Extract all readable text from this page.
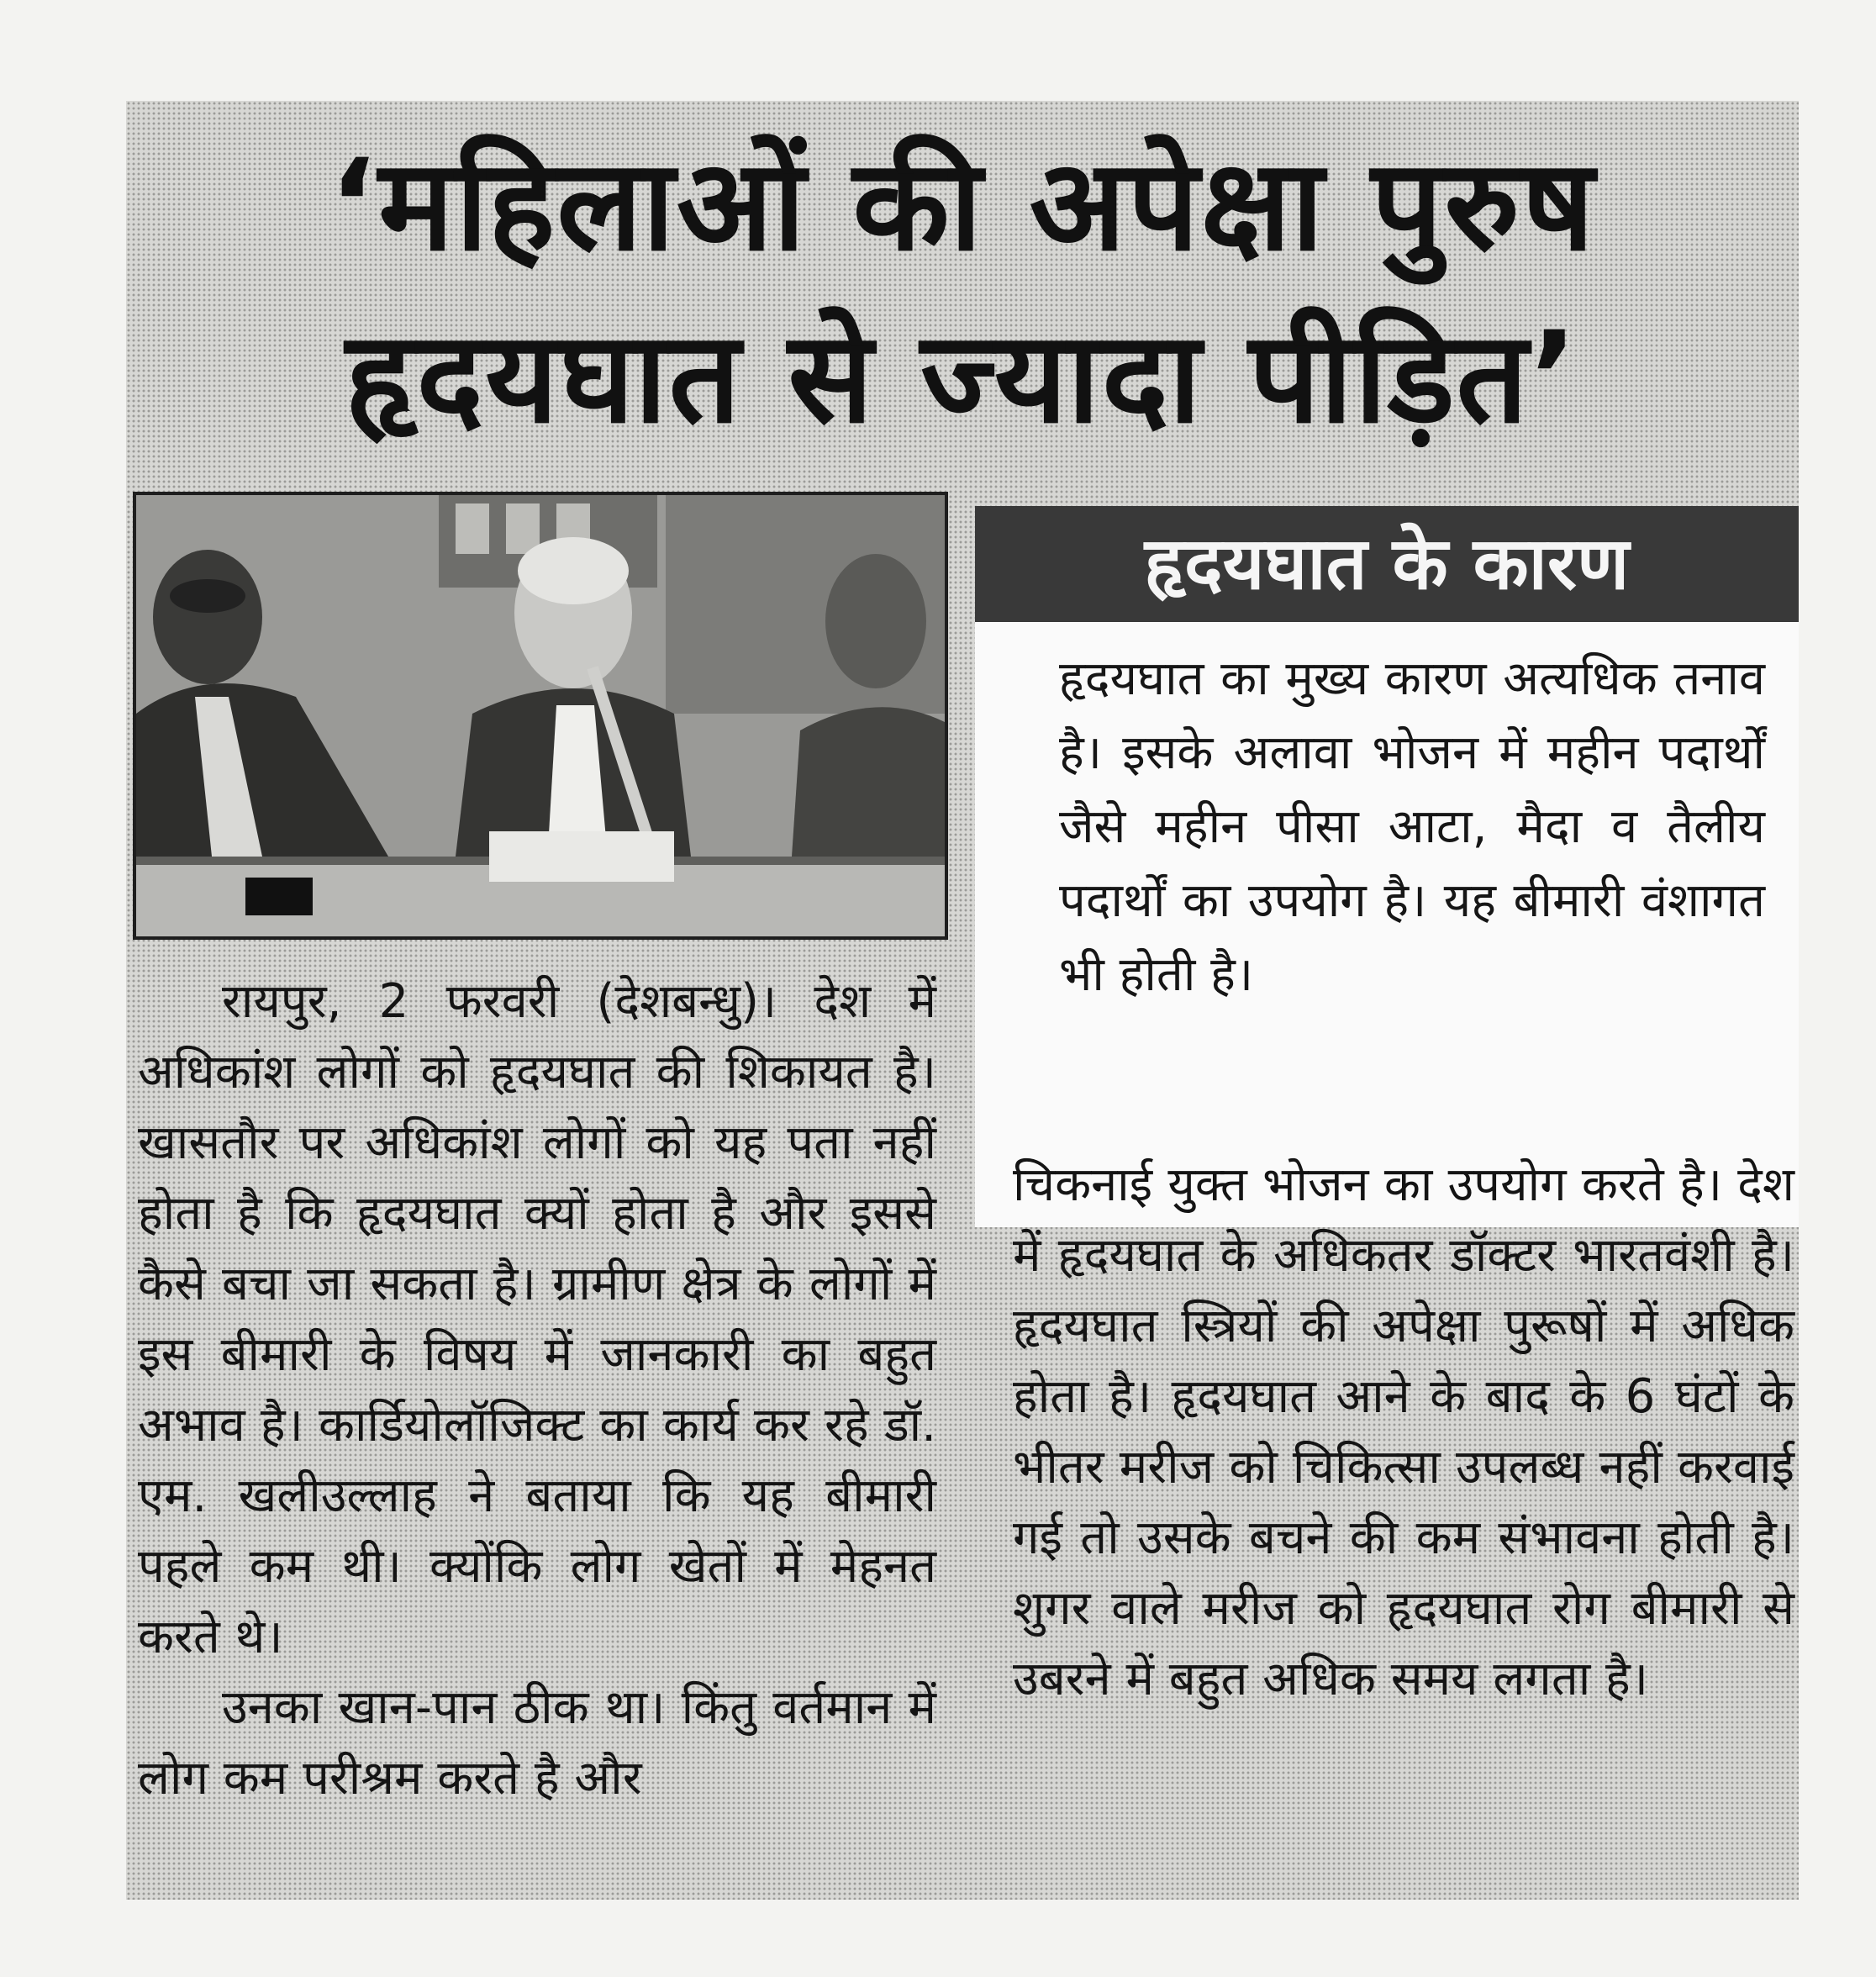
‘महिलाओं की अपेक्षा पुरुष
हृदयघात से ज्यादा पीड़ित’
हृदयघात के कारण
हृदयघात का मुख्य कारण अत्यधिक तनाव है। इसके अलावा भोजन में महीन पदार्थों जैसे महीन पीसा आटा, मैदा व तैलीय पदार्थों का उपयोग है। यह बीमारी वंशागत भी होती है।

रायपुर, 2 फरवरी (देशबन्धु)। देश में अधिकांश लोगों को हृदयघात की शिकायत है। खासतौर पर अधिकांश लोगों को यह पता नहीं होता है कि हृदयघात क्यों होता है और इससे कैसे बचा जा सकता है। ग्रामीण क्षेत्र के लोगों में इस बीमारी के विषय में जानकारी का बहुत अभाव है। कार्डियोलॉजिक्ट का कार्य कर रहे डॉ. एम. खलीउल्लाह ने बताया कि यह बीमारी पहले कम थी। क्योंकि लोग खेतों में मेहनत करते थे।

उनका खान-पान ठीक था। किंतु वर्तमान में लोग कम परीश्रम करते है और

चिकनाई युक्त भोजन का उपयोग करते है। देश में हृदयघात के अधिकतर डॉक्टर भारतवंशी है। हृदयघात स्त्रियों की अपेक्षा पुरूषों में अधिक होता है। हृदयघात आने के बाद के 6 घंटों के भीतर मरीज को चिकित्सा उपलब्ध नहीं करवाई गई तो उसके बचने की कम संभावना होती है। शुगर वाले मरीज को हृदयघात रोग बीमारी से उबरने में बहुत अधिक समय लगता है।
